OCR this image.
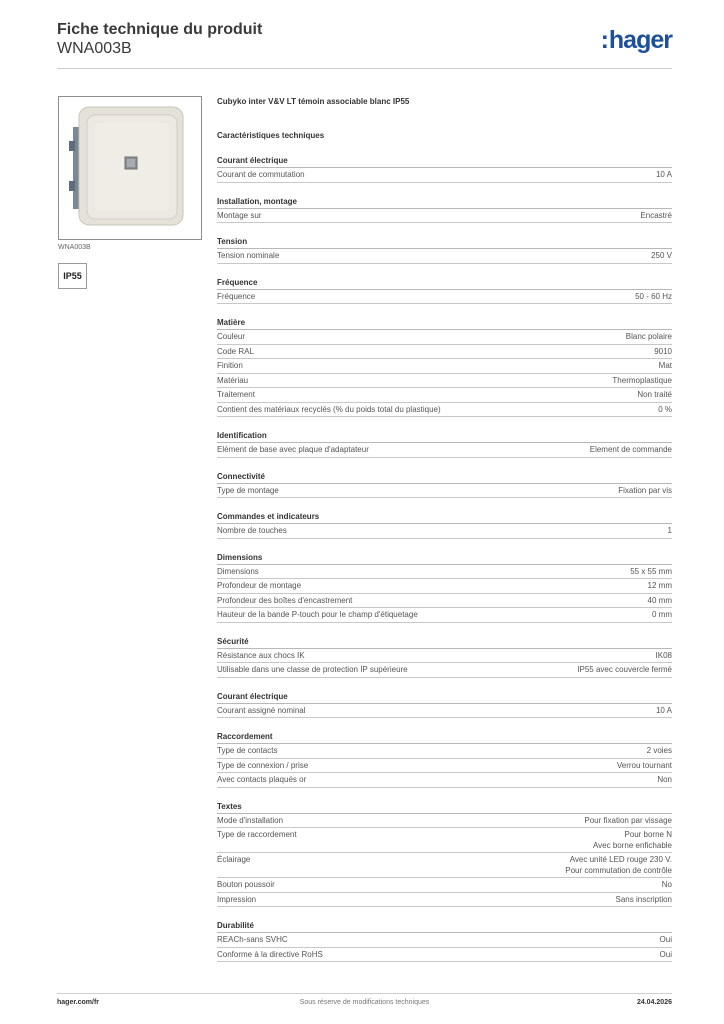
Fiche technique du produit
WNA003B	:hager
WNA003B
IP55
Cubyko inter V&V LT témoin associable blanc IP55
Caractéristiques techniques
Courant électrique
Courant de commutation	10 A
Installation, montage
Montage sur	Encastré
Tension
Tension nominale	250 V
Fréquence
Fréquence	50 - 60 Hz
Matière
Couleur	Blanc polaire
Code RAL	9010
Finition	Mat
Matériau	Thermoplastique
Traitement	Non traité
Contient des matériaux recyclés (% du poids total du plastique)	0 %
Identification
Elément de base avec plaque d'adaptateur	Element de commande
Connectivité
Type de montage	Fixation par vis
Commandes et indicateurs
Nombre de touches	1
Dimensions
Dimensions	55 x 55 mm
Profondeur de montage	12 mm
Profondeur des boîtes d'encastrement	40 mm
Hauteur de la bande P-touch pour le champ d'étiquetage	0 mm
Sécurité
Résistance aux chocs IK	IK08
Utilisable dans une classe de protection IP supérieure	IP55 avec couvercle fermé
Courant électrique
Courant assigné nominal	10 A
Raccordement
Type de contacts	2 voies
Type de connexion / prise	Verrou tournant
Avec contacts plaqués or	Non
Textes
Mode d'installation	Pour fixation par vissage
Type de raccordement	Pour borne N
Avec borne enfichable
Éclairage	Avec unité LED rouge 230 V.
Pour commutation de contrôle
Bouton poussoir	No
Impression	Sans inscription
Durabilité
REACh-sans SVHC	Oui
Conforme à la directive RoHS	Oui
hager.com/fr	Sous réserve de modifications techniques	24.04.2026
